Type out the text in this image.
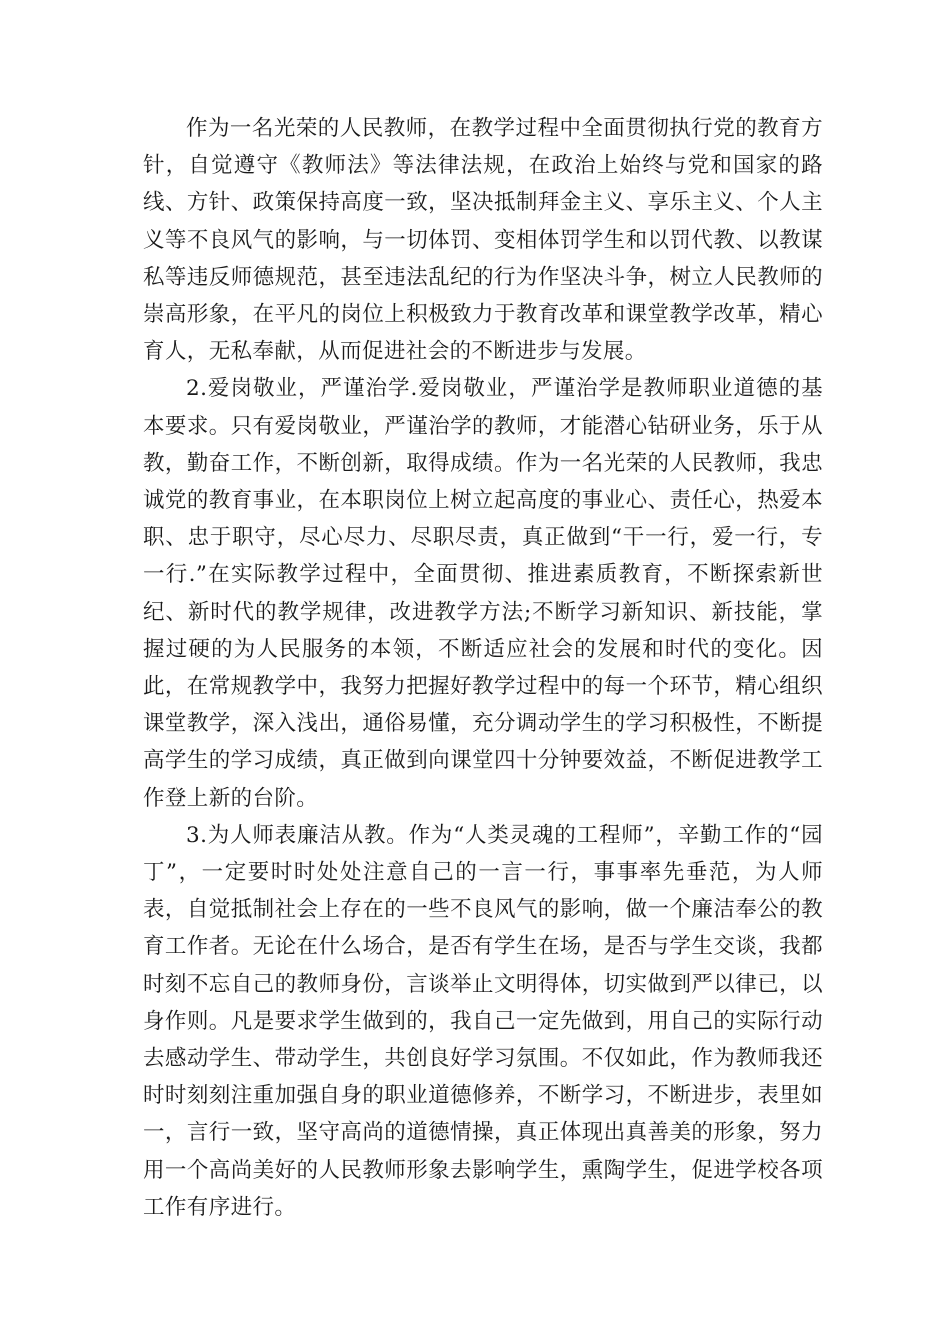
作为一名光荣的人民教师，在教学过程中全面贯彻执行党的教育方针，自觉遵守《教师法》等法律法规，在政治上始终与党和国家的路线、方针、政策保持高度一致，坚决抵制拜金主义、享乐主义、个人主义等不良风气的影响，与一切体罚、变相体罚学生和以罚代教、以教谋私等违反师德规范，甚至违法乱纪的行为作坚决斗争，树立人民教师的崇高形象，在平凡的岗位上积极致力于教育改革和课堂教学改革，精心育人，无私奉献，从而促进社会的不断进步与发展。

2.爱岗敬业，严谨治学.爱岗敬业，严谨治学是教师职业道德的基本要求。只有爱岗敬业，严谨治学的教师，才能潜心钻研业务，乐于从教，勤奋工作，不断创新，取得成绩。作为一名光荣的人民教师，我忠诚党的教育事业，在本职岗位上树立起高度的事业心、责任心，热爱本职、忠于职守，尽心尽力、尽职尽责，真正做到“干一行，爱一行，专一行.”在实际教学过程中，全面贯彻、推进素质教育，不断探索新世纪、新时代的教学规律，改进教学方法;不断学习新知识、新技能，掌握过硬的为人民服务的本领，不断适应社会的发展和时代的变化。因此，在常规教学中，我努力把握好教学过程中的每一个环节，精心组织课堂教学，深入浅出，通俗易懂，充分调动学生的学习积极性，不断提高学生的学习成绩，真正做到向课堂四十分钟要效益，不断促进教学工作登上新的台阶。

3.为人师表廉洁从教。作为“人类灵魂的工程师”，辛勤工作的“园丁”，一定要时时处处注意自己的一言一行，事事率先垂范，为人师表，自觉抵制社会上存在的一些不良风气的影响，做一个廉洁奉公的教育工作者。无论在什么场合，是否有学生在场，是否与学生交谈，我都时刻不忘自己的教师身份，言谈举止文明得体，切实做到严以律已，以身作则。凡是要求学生做到的，我自己一定先做到，用自己的实际行动去感动学生、带动学生，共创良好学习氛围。不仅如此，作为教师我还时时刻刻注重加强自身的职业道德修养，不断学习，不断进步，表里如一，言行一致，坚守高尚的道德情操，真正体现出真善美的形象，努力用一个高尚美好的人民教师形象去影响学生，熏陶学生，促进学校各项工作有序进行。
